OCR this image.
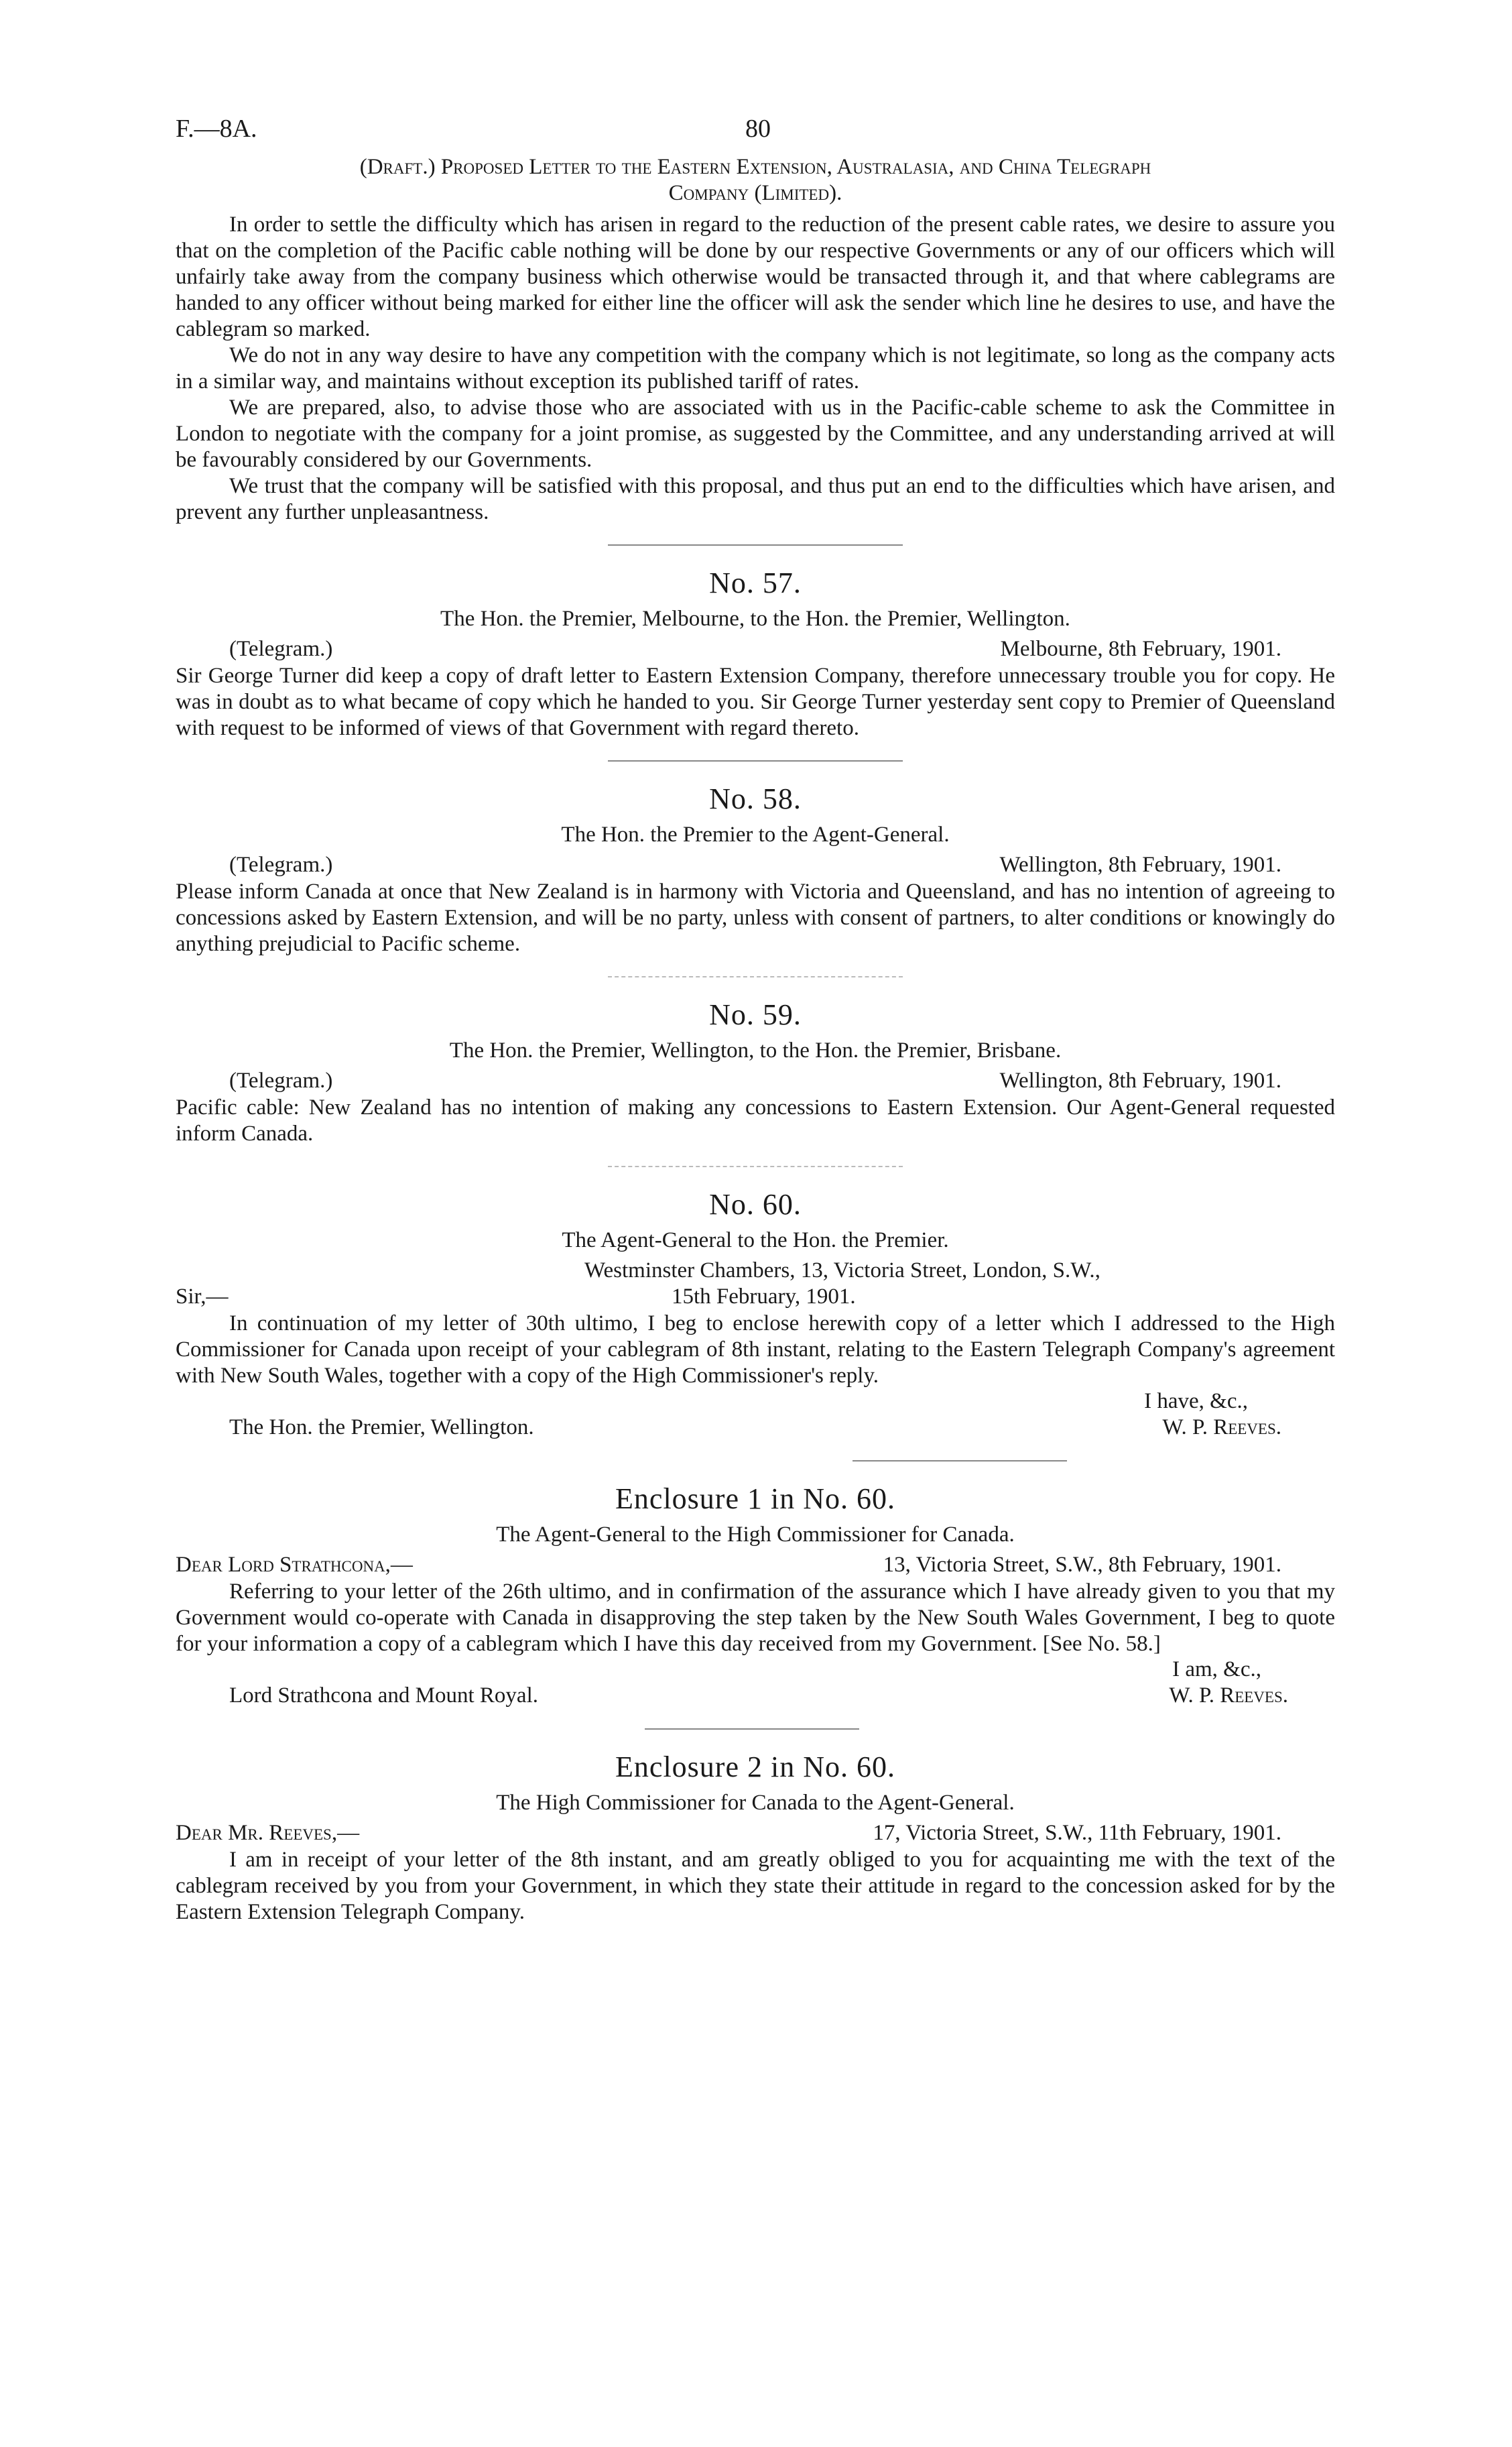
F.—8A.	80

(Draft.) Proposed Letter to the Eastern Extension, Australasia, and China Telegraph
Company (Limited).

In order to settle the difficulty which has arisen in regard to the reduction of the present cable rates, we desire to assure you that on the completion of the Pacific cable nothing will be done by our respective Governments or any of our officers which will unfairly take away from the company business which otherwise would be transacted through it, and that where cablegrams are handed to any officer without being marked for either line the officer will ask the sender which line he desires to use, and have the cablegram so marked.

We do not in any way desire to have any competition with the company which is not legitimate, so long as the company acts in a similar way, and maintains without exception its published tariff of rates.

We are prepared, also, to advise those who are associated with us in the Pacific-cable scheme to ask the Committee in London to negotiate with the company for a joint promise, as suggested by the Committee, and any understanding arrived at will be favourably considered by our Governments.

We trust that the company will be satisfied with this proposal, and thus put an end to the difficulties which have arisen, and prevent any further unpleasantness.

No. 57.
The Hon. the Premier, Melbourne, to the Hon. the Premier, Wellington.
(Telegram.)	Melbourne, 8th February, 1901.

Sir George Turner did keep a copy of draft letter to Eastern Extension Company, therefore unnecessary trouble you for copy. He was in doubt as to what became of copy which he handed to you. Sir George Turner yesterday sent copy to Premier of Queensland with request to be informed of views of that Government with regard thereto.

No. 58.
The Hon. the Premier to the Agent-General.
(Telegram.)	Wellington, 8th February, 1901.

Please inform Canada at once that New Zealand is in harmony with Victoria and Queensland, and has no intention of agreeing to concessions asked by Eastern Extension, and will be no party, unless with consent of partners, to alter conditions or knowingly do anything prejudicial to Pacific scheme.

No. 59.
The Hon. the Premier, Wellington, to the Hon. the Premier, Brisbane.
(Telegram.)	Wellington, 8th February, 1901.

Pacific cable: New Zealand has no intention of making any concessions to Eastern Extension. Our Agent-General requested inform Canada.

No. 60.
The Agent-General to the Hon. the Premier.
Westminster Chambers, 13, Victoria Street, London, S.W.,
Sir,—	15th February, 1901.

In continuation of my letter of 30th ultimo, I beg to enclose herewith copy of a letter which I addressed to the High Commissioner for Canada upon receipt of your cablegram of 8th instant, relating to the Eastern Telegraph Company's agreement with New South Wales, together with a copy of the High Commissioner's reply.

I have, &c.,
The Hon. the Premier, Wellington.	W. P. Reeves.
Enclosure 1 in No. 60.
The Agent-General to the High Commissioner for Canada.
Dear Lord Strathcona,—	13, Victoria Street, S.W., 8th February, 1901.

Referring to your letter of the 26th ultimo, and in confirmation of the assurance which I have already given to you that my Government would co-operate with Canada in disapproving the step taken by the New South Wales Government, I beg to quote for your information a copy of a cablegram which I have this day received from my Government. [See No. 58.]

I am, &c.,
Lord Strathcona and Mount Royal.	W. P. Reeves.
Enclosure 2 in No. 60.
The High Commissioner for Canada to the Agent-General.
Dear Mr. Reeves,—	17, Victoria Street, S.W., 11th February, 1901.

I am in receipt of your letter of the 8th instant, and am greatly obliged to you for acquainting me with the text of the cablegram received by you from your Government, in which they state their attitude in regard to the concession asked for by the Eastern Extension Telegraph Company.
